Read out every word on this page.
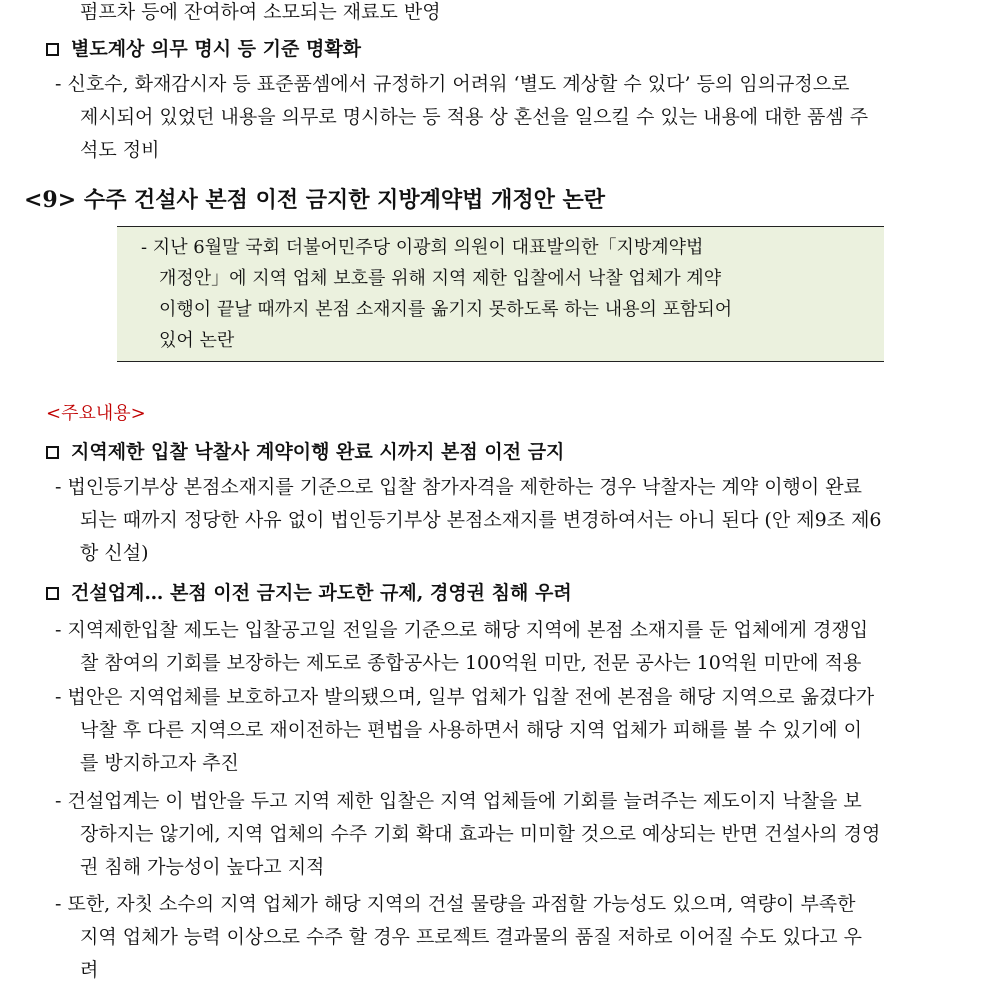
펌프차 등에 잔여하여 소모되는 재료도 반영
별도계상 의무 명시 등 기준 명확화
- 신호수, 화재감시자 등 표준품셈에서 규정하기 어려워 ‘별도 계상할 수 있다’ 등의 임의규정으로
제시되어 있었던 내용을 의무로 명시하는 등 적용 상 혼선을 일으킬 수 있는 내용에 대한 품셈 주
석도 정비
<9> 수주 건설사 본점 이전 금지한 지방계약법 개정안 논란
- 지난 6월말 국회 더불어민주당 이광희 의원이 대표발의한「지방계약법
개정안」에 지역 업체 보호를 위해 지역 제한 입찰에서 낙찰 업체가 계약
이행이 끝날 때까지 본점 소재지를 옮기지 못하도록 하는 내용의 포함되어
있어 논란
<주요내용>
지역제한 입찰 낙찰사 계약이행 완료 시까지 본점 이전 금지
- 법인등기부상 본점소재지를 기준으로 입찰 참가자격을 제한하는 경우 낙찰자는 계약 이행이 완료
되는 때까지 정당한 사유 없이 법인등기부상 본점소재지를 변경하여서는 아니 된다 (안 제9조 제6
항 신설)
건설업계… 본점 이전 금지는 과도한 규제, 경영권 침해 우려
- 지역제한입찰 제도는 입찰공고일 전일을 기준으로 해당 지역에 본점 소재지를 둔 업체에게 경쟁입
찰 참여의 기회를 보장하는 제도로 종합공사는 100억원 미만, 전문 공사는 10억원 미만에 적용
- 법안은 지역업체를 보호하고자 발의됐으며, 일부 업체가 입찰 전에 본점을 해당 지역으로 옮겼다가
낙찰 후 다른 지역으로 재이전하는 편법을 사용하면서 해당 지역 업체가 피해를 볼 수 있기에 이
를 방지하고자 추진
- 건설업계는 이 법안을 두고 지역 제한 입찰은 지역 업체들에 기회를 늘려주는 제도이지 낙찰을 보
장하지는 않기에, 지역 업체의 수주 기회 확대 효과는 미미할 것으로 예상되는 반면 건설사의 경영
권 침해 가능성이 높다고 지적
- 또한, 자칫 소수의 지역 업체가 해당 지역의 건설 물량을 과점할 가능성도 있으며, 역량이 부족한
지역 업체가 능력 이상으로 수주 할 경우 프로젝트 결과물의 품질 저하로 이어질 수도 있다고 우
려
